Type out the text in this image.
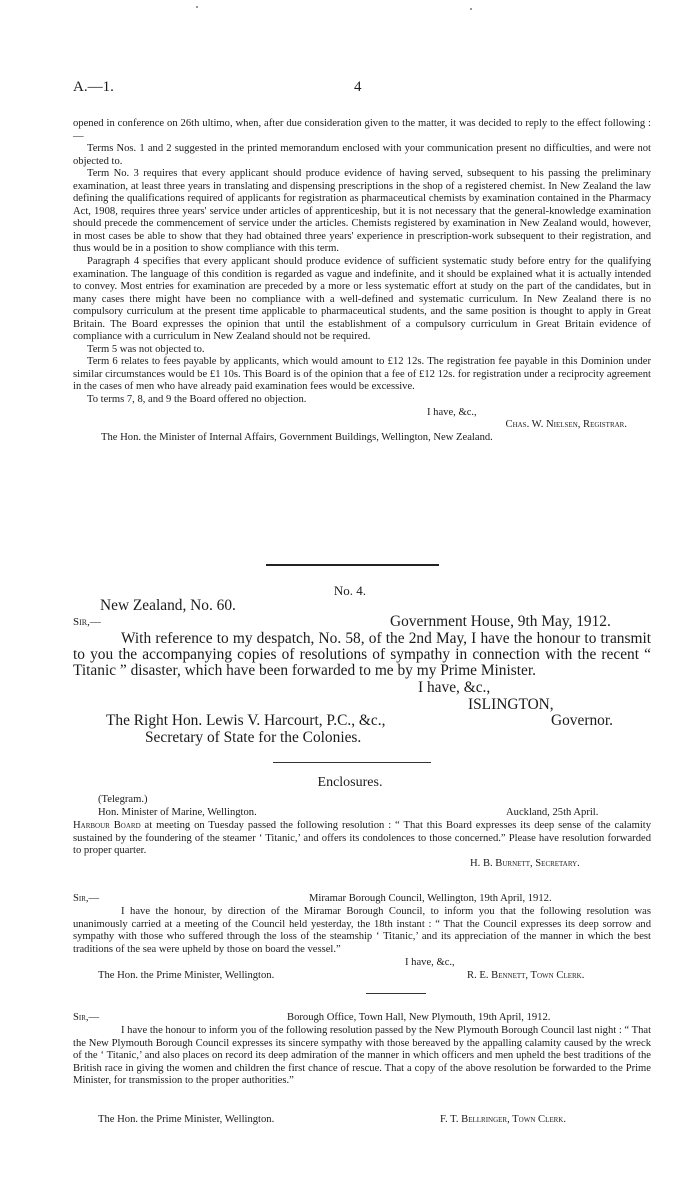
A.—1.	4

opened in conference on 26th ultimo, when, after due consideration given to the matter, it was decided to reply to the effect following :—

Terms Nos. 1 and 2 suggested in the printed memorandum enclosed with your communication present no difficulties, and were not objected to.

Term No. 3 requires that every applicant should produce evidence of having served, subsequent to his passing the preliminary examination, at least three years in translating and dispensing prescriptions in the shop of a registered chemist. In New Zealand the law defining the qualifications required of applicants for registration as pharmaceutical chemists by examination contained in the Pharmacy Act, 1908, requires three years' service under articles of apprenticeship, but it is not necessary that the general-knowledge examination should precede the commencement of service under the articles. Chemists registered by examination in New Zealand would, however, in most cases be able to show that they had obtained three years' experience in prescription-work subsequent to their registration, and thus would be in a position to show compliance with this term.

Paragraph 4 specifies that every applicant should produce evidence of sufficient systematic study before entry for the qualifying examination. The language of this condition is regarded as vague and indefinite, and it should be explained what it is actually intended to convey. Most entries for examination are preceded by a more or less systematic effort at study on the part of the candidates, but in many cases there might have been no compliance with a well-defined and systematic curriculum. In New Zealand there is no compulsory curriculum at the present time applicable to pharmaceutical students, and the same position is thought to apply in Great Britain. The Board expresses the opinion that until the establishment of a compulsory curriculum in Great Britain evidence of compliance with a curriculum in New Zealand should not be required.

Term 5 was not objected to.

Term 6 relates to fees payable by applicants, which would amount to £12 12s. The registration fee payable in this Dominion under similar circumstances would be £1 10s. This Board is of the opinion that a fee of £12 12s. for registration under a reciprocity agreement in the cases of men who have already paid examination fees would be excessive.

To terms 7, 8, and 9 the Board offered no objection.

I have, &c.,

Chas. W. Nielsen, Registrar.

The Hon. the Minister of Internal Affairs, Government Buildings, Wellington, New Zealand.

No. 4.
New Zealand, No. 60.
Sir,—	Government House, 9th May, 1912.

With reference to my despatch, No. 58, of the 2nd May, I have the honour to transmit to you the accompanying copies of resolutions of sympathy in connection with the recent “ Titanic ” disaster, which have been forwarded to me by my Prime Minister.

I have, &c.,
ISLINGTON,
Governor.
The Right Hon. Lewis V. Harcourt, P.C., &c.,
Secretary of State for the Colonies.
Enclosures.
(Telegram.)
Hon. Minister of Marine, Wellington.	Auckland, 25th April.

Harbour Board at meeting on Tuesday passed the following resolution : “ That this Board expresses its deep sense of the calamity sustained by the foundering of the steamer ‘ Titanic,’ and offers its condolences to those concerned.” Please have resolution forwarded to proper quarter.

H. B. Burnett, Secretary.
Sir,—	Miramar Borough Council, Wellington, 19th April, 1912.

I have the honour, by direction of the Miramar Borough Council, to inform you that the following resolution was unanimously carried at a meeting of the Council held yesterday, the 18th instant : “ That the Council expresses its deep sorrow and sympathy with those who suffered through the loss of the steamship ‘ Titanic,’ and its appreciation of the manner in which the best traditions of the sea were upheld by those on board the vessel.”

I have, &c.,
The Hon. the Prime Minister, Wellington.	R. E. Bennett, Town Clerk.
Sir,—	Borough Office, Town Hall, New Plymouth, 19th April, 1912.

I have the honour to inform you of the following resolution passed by the New Plymouth Borough Council last night : “ That the New Plymouth Borough Council expresses its sincere sympathy with those bereaved by the appalling calamity caused by the wreck of the ‘ Titanic,’ and also places on record its deep admiration of the manner in which officers and men upheld the best traditions of the British race in giving the women and children the first chance of rescue. That a copy of the above resolution be forwarded to the Prime Minister, for transmission to the proper authorities.”

The Hon. the Prime Minister, Wellington.	F. T. Bellringer, Town Clerk.
